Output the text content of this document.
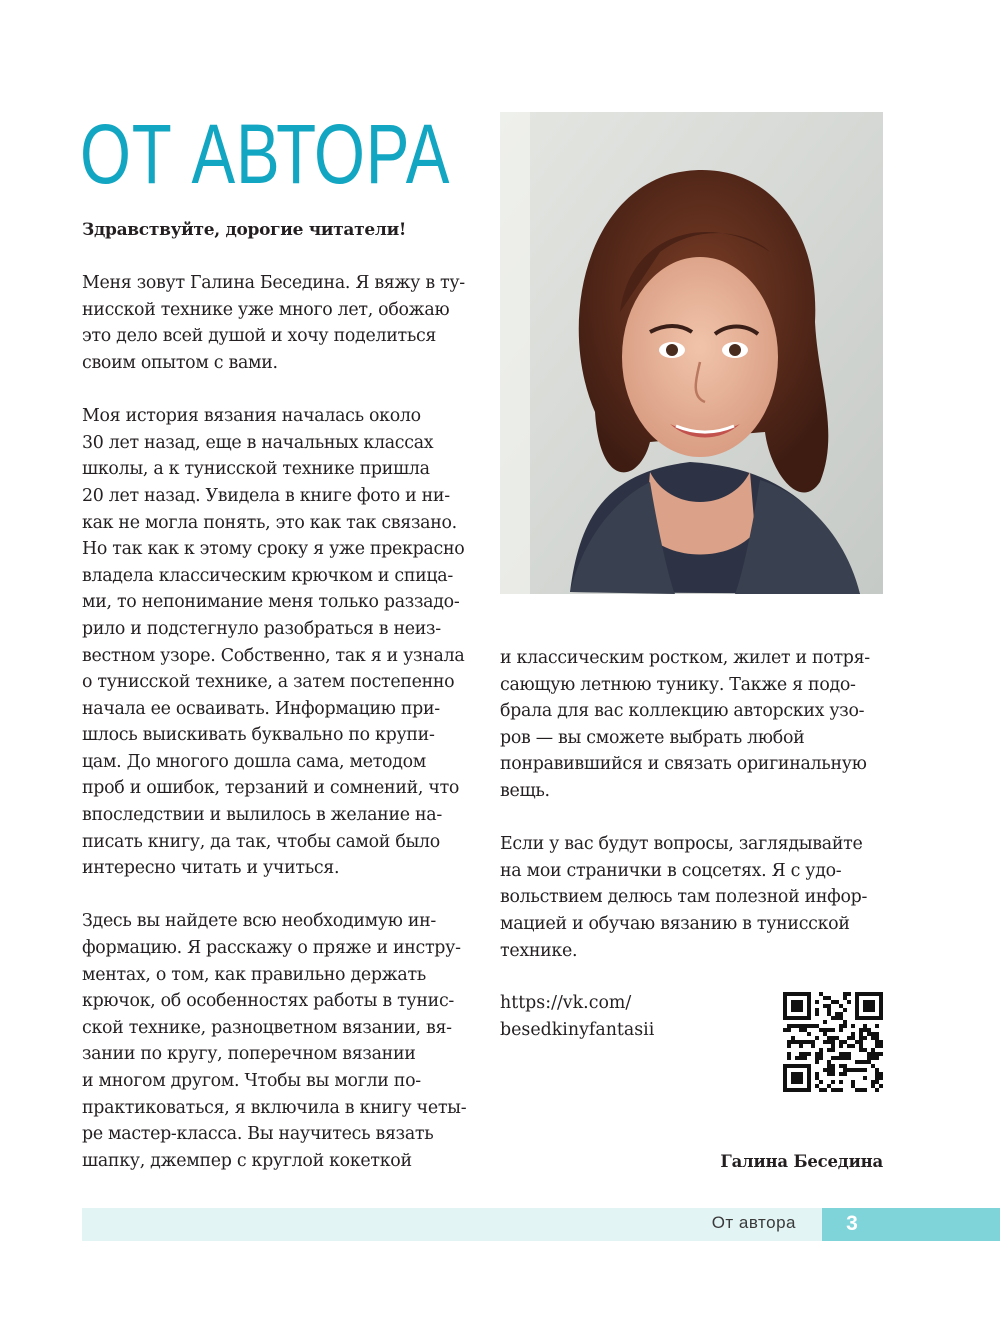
ОТ АВТОРА

Здравствуйте, дорогие читатели!

Меня зовут Галина Беседина. Я вяжу в ту-
нисской технике уже много лет, обожаю
это дело всей душой и хочу поделиться
своим опытом с вами.

Моя история вязания началась около
30 лет назад, еще в начальных классах
школы, а к тунисской технике пришла
20 лет назад. Увидела в книге фото и ни-
как не могла понять, это как так связано.
Но так как к этому сроку я уже прекрасно
владела классическим крючком и спица-
ми, то непонимание меня только раззадо-
рило и подстегнуло разобраться в неиз-
вестном узоре. Собственно, так я и узнала
о тунисской технике, а затем постепенно
начала ее осваивать. Информацию при-
шлось выискивать буквально по крупи-
цам. До многого дошла сама, методом
проб и ошибок, терзаний и сомнений, что
впоследствии и вылилось в желание на-
писать книгу, да так, чтобы самой было
интересно читать и учиться.

Здесь вы найдете всю необходимую ин-
формацию. Я расскажу о пряже и инстру-
ментах, о том, как правильно держать
крючок, об особенностях работы в тунис-
ской технике, разноцветном вязании, вя-
зании по кругу, поперечном вязании
и многом другом. Чтобы вы могли по-
практиковаться, я включила в книгу четы-
ре мастер-класса. Вы научитесь вязать
шапку, джемпер с круглой кокеткой

и классическим ростком, жилет и потря-
сающую летнюю тунику. Также я подо-
брала для вас коллекцию авторских узо-
ров — вы сможете выбрать любой
понравившийся и связать оригинальную
вещь.

Если у вас будут вопросы, заглядывайте
на мои странички в соцсетях. Я с удо-
вольствием делюсь там полезной инфор-
мацией и обучаю вязанию в тунисской
технике.

https://vk.com/
besedkinyfantasii
Галина Беседина
От автора	3
